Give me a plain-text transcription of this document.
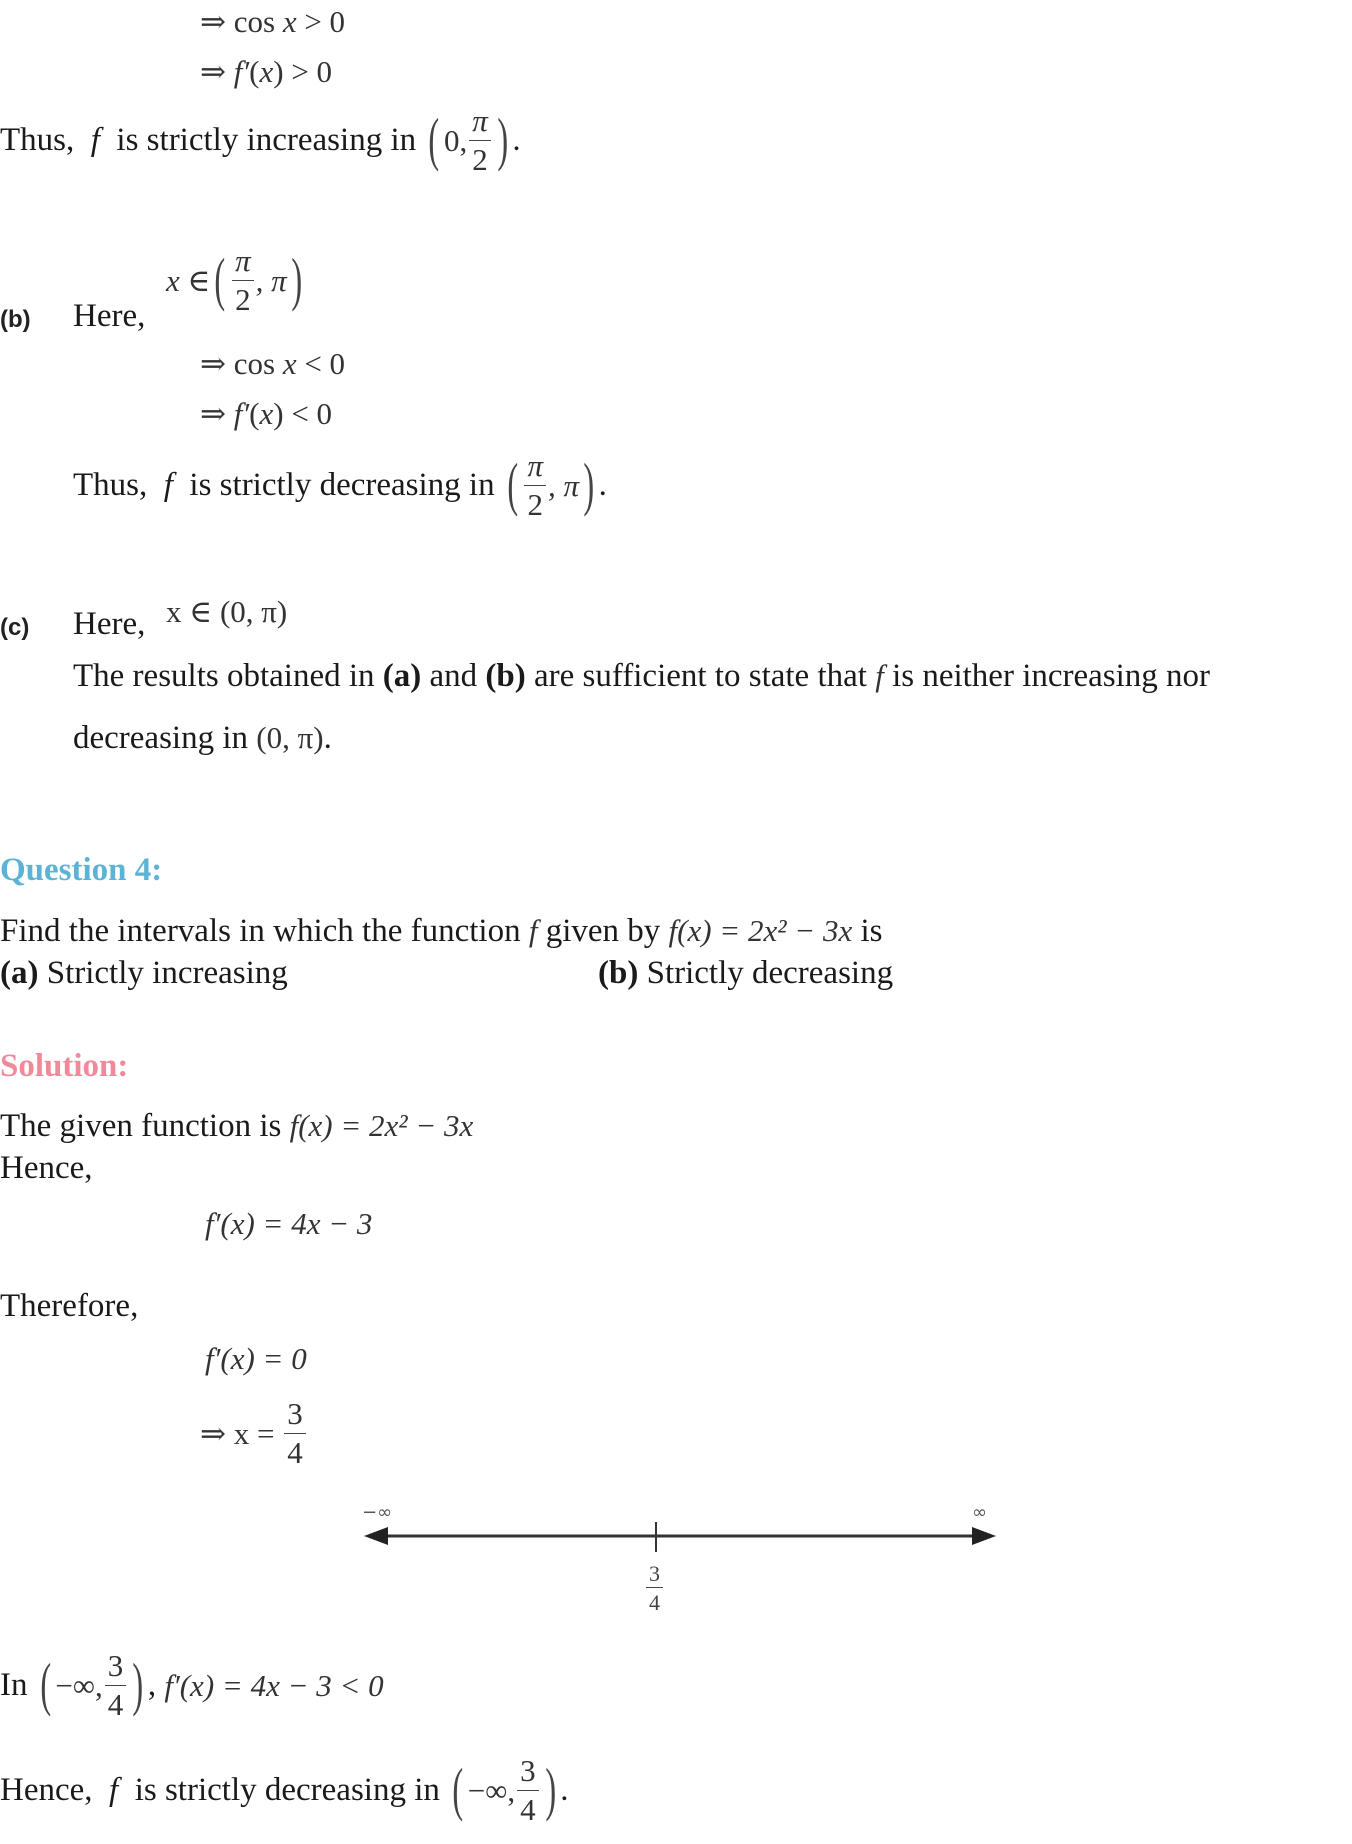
⇒ cos x > 0
⇒ f′(x) > 0
Thus,
f
is strictly increasing in
( 0, $\frac{\pi}{2}$ ) .
(b) Here,
x ∈ ( $\frac{\pi}{2}$ , π )
⇒ cos x < 0
⇒ f′(x) < 0
Thus,
f
is strictly decreasing in
( $\frac{\pi}{2}$ , π ) .
(c) Here, x ∈ (0, π)
The results obtained in (a) and (b) are sufficient to state that f is neither increasing nor
decreasing in (0, π).
Question 4:
Find the intervals in which the function f given by f(x) = 2x² − 3x is
(a) Strictly increasing	(b) Strictly decreasing
Solution:
The given function is f(x) = 2x² − 3x
Hence,
f′(x) = 4x − 3
Therefore,
f′(x) = 0
⇒ x =
$\frac{3}{4}$
−∞	∞
$\frac{3}{4}$
In
( −∞, $\frac{3}{4}$ ) ,
f′(x) = 4x − 3 < 0
Hence,
f
is strictly decreasing in
( −∞, $\frac{3}{4}$ ) .
